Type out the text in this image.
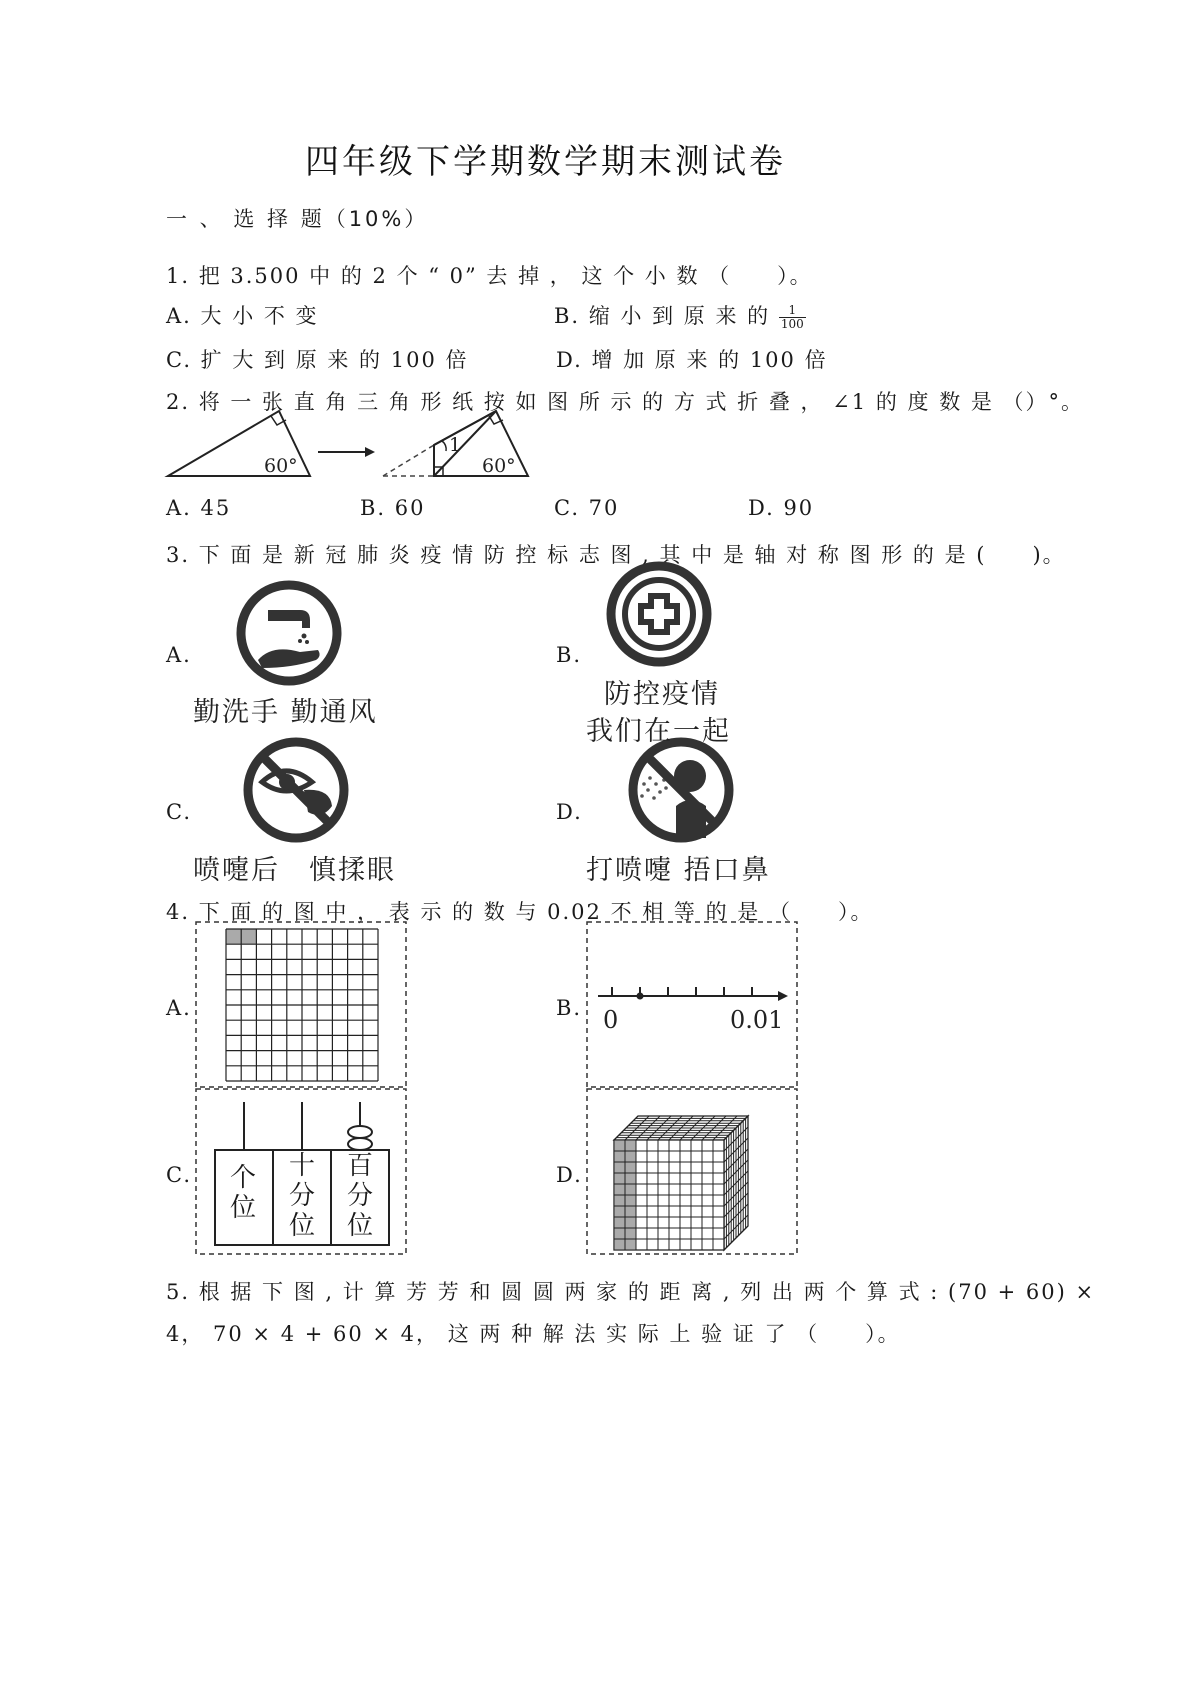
四年级下学期数学期末测试卷
一 、 选 择 题（10%）
1. 把 3.500 中 的 2 个 “ 0” 去 掉 ， 这 个 小 数 （　　）。
A. 大 小 不 变	B. 缩 小 到 原 来 的 $\frac{1}{100}$
C. 扩 大 到 原 来 的 100 倍	D. 增 加 原 来 的 100 倍
2. 将 一 张 直 角 三 角 形 纸 按 如 图 所 示 的 方 式 折 叠 ， ∠1 的 度 数 是 （）°。
60°	60°
1
A. 45	B. 60	C. 70	D. 90
3. 下 面 是 新 冠 肺 炎 疫 情 防 控 标 志 图 , 其 中 是 轴 对 称 图 形 的 是 (　　)。
A.	B.
C.	D.
勤洗手 勤通风
防控疫情
我们在一起
喷嚏后　慎揉眼	打喷嚏 捂口鼻
4. 下 面 的 图 中 ， 表 示 的 数 与 0.02 不 相 等 的 是 （　　）。
A.	B.
C.	D.
0	0.01
个位
十分位
百分位
5. 根 据 下 图 , 计 算 芳 芳 和 圆 圆 两 家 的 距 离 , 列 出 两 个 算 式 : (70 + 60) ×
4， 70 × 4 + 60 × 4， 这 两 种 解 法 实 际 上 验 证 了 （　　）。
